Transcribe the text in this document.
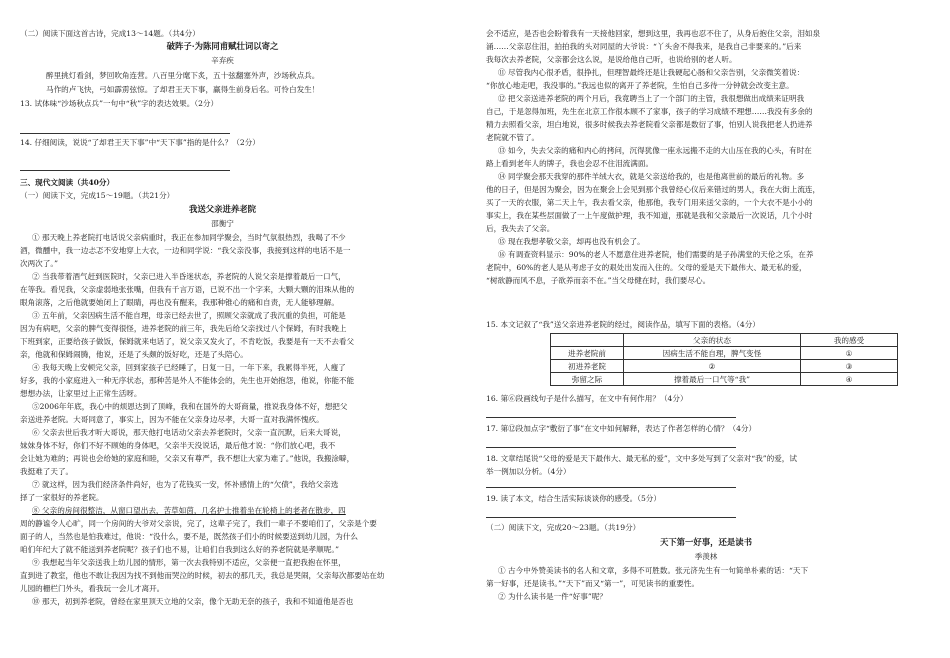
（二）阅读下面这首古诗，完成13～14题。（共4分）
破阵子·为陈同甫赋壮词以寄之
辛弃疾
醉里挑灯看剑，梦回吹角连营。八百里分麾下炙，五十弦翻塞外声，沙场秋点兵。
马作的卢飞快，弓如霹雳弦惊。了却君王天下事，赢得生前身后名。可怜白发生！
13. 试体味“沙场秋点兵”一句中“秋”字的表达效果。（2分）
14. 仔细阅读，说说“了却君王天下事”中“天下事”指的是什么？（2分）
三、现代文阅读（共40分）
（一）阅读下文，完成15～19题。（共21分）
我送父亲进养老院
邵衡宁
① 那天晚上养老院打电话说父亲病重时，我正在参加同学聚会，当时气氛很热烈，我喝了不少
酒，微醺中，我一边忐忑不安地穿上大衣，一边和同学说：“我父亲没事，我接到这样的电话不是一
次两次了。”
② 当我带着酒气赶到医院时，父亲已进入半昏迷状态，养老院的人说父亲是撑着最后一口气，
在等我。看见我，父亲虚弱地张张嘴，但我有千言万语，已说不出一个字来，大颗大颗的泪珠从他的
眼角滚落，之后他就要她闭上了眼睛，再也没有醒来，我那种锥心的痛和自责，无人能够理解。
③ 五年前，父亲因病生活不能自理，母亲已经去世了，照顾父亲就成了我沉重的负担，可能是
因为有病吧，父亲的脾气变得很怪，进养老院的前三年，我先后给父亲找过八个保姆，有时我晚上
下班到家，正要给孩子做饭，保姆就来电话了，说父亲又发火了，不肯吃饭，我要是有一天不去看父
亲，他就和保姆闹腾，他说，还是了头颇的饭好吃，还是了头陪心。
④ 我每天晚上安顿完父亲，回到家孩子已经睡了，日复一日，一年下来，我累得半死，人瘦了
好多，我的小家庭进入一种无序状态，那种苦是外人不能体会的，先生也开始抱怨，他说，你能不能
想想办法，让家里过上正常生活呀。
⑤2006年年底，我心中的烦恩达到了顶峰，我和在国外的大哥商量，推说我身体不好，想把父
亲送进养老院。大哥同意了，事实上，因为不能在父亲身边尽孝，大哥一直对我满怀愧疚。
⑥ 父亲去世后我才听大哥说，那天他打电话动父亲去养老院时，父亲一直沉默，后来大哥说，
妹妹身体不好，你们不好不顾她的身体吧，父亲半天没说话，最后他才说：“你们放心吧，我不
会让她为难的；再说也会给她的家庭和睦，父亲又有尊严，我不想让大家为难了。”他说，我搬涂噼，
我挺难了天了。
⑦ 就这样，因为我们经济条件尚好，也为了花钱买一安，怀补感情上的“欠债”，我给父亲选
择了一家很好的养老院。
⑧ 父亲的房间很整洁，从窗口望出去，苦草如茵，几名护士推着坐在轮椅上的老者在散步，四
周的静谧令人心旷，同一个房间的大爷对父亲说，完了，这辈子完了，我们一辈子不要咱们了，父亲是个要
面子的人，当然也是怕我难过，他说：“没什么，要不是，既然孩子们小的时候要送到幼儿园，为什么
咱们年纪大了就不能送到养老院呢？孩子们也不易，让咱们自我到这么好的养老院就是孝顺呢。”
⑨ 我想起当年父亲送我上幼儿园的情形，第一次去我特别不适应，父亲便一直把我抱在怀里，
直到进了教室，他也不敢让我因为找不到他而哭泣的时候，初去的那几天，我总是哭闹，父亲每次都要站在幼
儿园的栅栏门外头，看我玩一会儿才离开。
⑩ 那天，初到养老院，曾经在家里顶天立地的父亲，像个无助无奈的孩子，我和不知道他是否也
会不适应，是否也会盼着我有一天接他回家，想到这里，我再也忍不住了，从身后抱住父亲，泪如泉
涌……父亲忍住泪，拍拍我的头对同屋的大爷说：“丫头舍不得我来，是我自己非要来的。”后来
我每次去养老院，父亲都会这么说，是说给他自己听，也说给别的老人听。
⑪ 尽管我内心很矛盾，很挣扎，但理智最终还是让我硬起心肠和父亲告别，父亲微笑着说：
“你放心地走吧，我没事的。”我远也似的离开了养老院，生怕自己多待一分钟就会改变主意。
⑫ 把父亲送进养老院的两个月后，我竟聘当上了一个部门的主管，我很想做出成绩来证明我
自己，于是忽得加班，先生在北京工作很本顾不了家事，孩子的学习成绩不理想……我没有多余的
精力去照看父亲，坦白地说，很多时候我去养老院看父亲都是数衍了事，怕别人说我把老人扔进养
老院就不管了。
⑬ 如今，失去父亲的痛和内心的拷问，沉得犹像一座永远搬不走的大山压在我的心头，有时在
路上看到老年人的牌子，我也会忍不住泪流满面。
⑭ 同学聚会那天我穿的那件羊绒大衣，就是父亲送给我的，也是他离世前的最后的礼物。多
他的日子，但是因为聚会，因为在聚会上会见到那个我曾经心仪后来错过的男人，我在大街上流连，
买了一天的衣服，第二天上午，我去看父亲，他那他，我专门用来送父亲的，一个大衣不是小小的
事实上，我在某些层面做了一上午度做护理，我不知道，那就是我和父亲最后一次说话，几个小时
后，我失去了父亲。
⑮ 现在我想孝敬父亲，却再也没有机会了。
⑯ 有调查资料显示：90%的老人不愿意住进养老院，他们需要的是子孙满堂的天伦之乐，在养
老院中，60%的老人是从考虑子女的艰处出发而入住的。父母的爱是天下最伟大、最无私的爱，
“树欲静而风不息，子欲养而亲不在。”当父母健在时，我们要尽心。
15. 本文记叙了“我”送父亲进养老院的经过，阅读作品，填写下面的表格。（4分）
	父亲的状态	我的感受
进养老院前	因病生活不能自理，脾气变怪	①
初进养老院	②	③
弥留之际	撑着最后一口气等“我”	④
16. 第⑥段画线句子是什么描写，在文中有何作用？（4分）
17. 第⑫段加点字“敷衍了事”在文中如何解释，表达了作者怎样的心情？（4分）
18. 文章结尾说“父母的爱是天下最伟大、最无私的爱”，文中多处写到了父亲对“我”的爱，试
举一例加以分析。（4分）
19. 读了本文，结合生活实际谈谈你的感受。（5分）
（二）阅读下文，完成20～23题。（共19分）
天下第一好事，还是读书
季羡林
① 古今中外赞美读书的名人和文章，多得不可胜数。张元济先生有一句简单朴素的话：“天下
第一好事，还是读书。”“天下”而又“第一”，可见读书的重要性。
② 为什么读书是一件“好事”呢？
